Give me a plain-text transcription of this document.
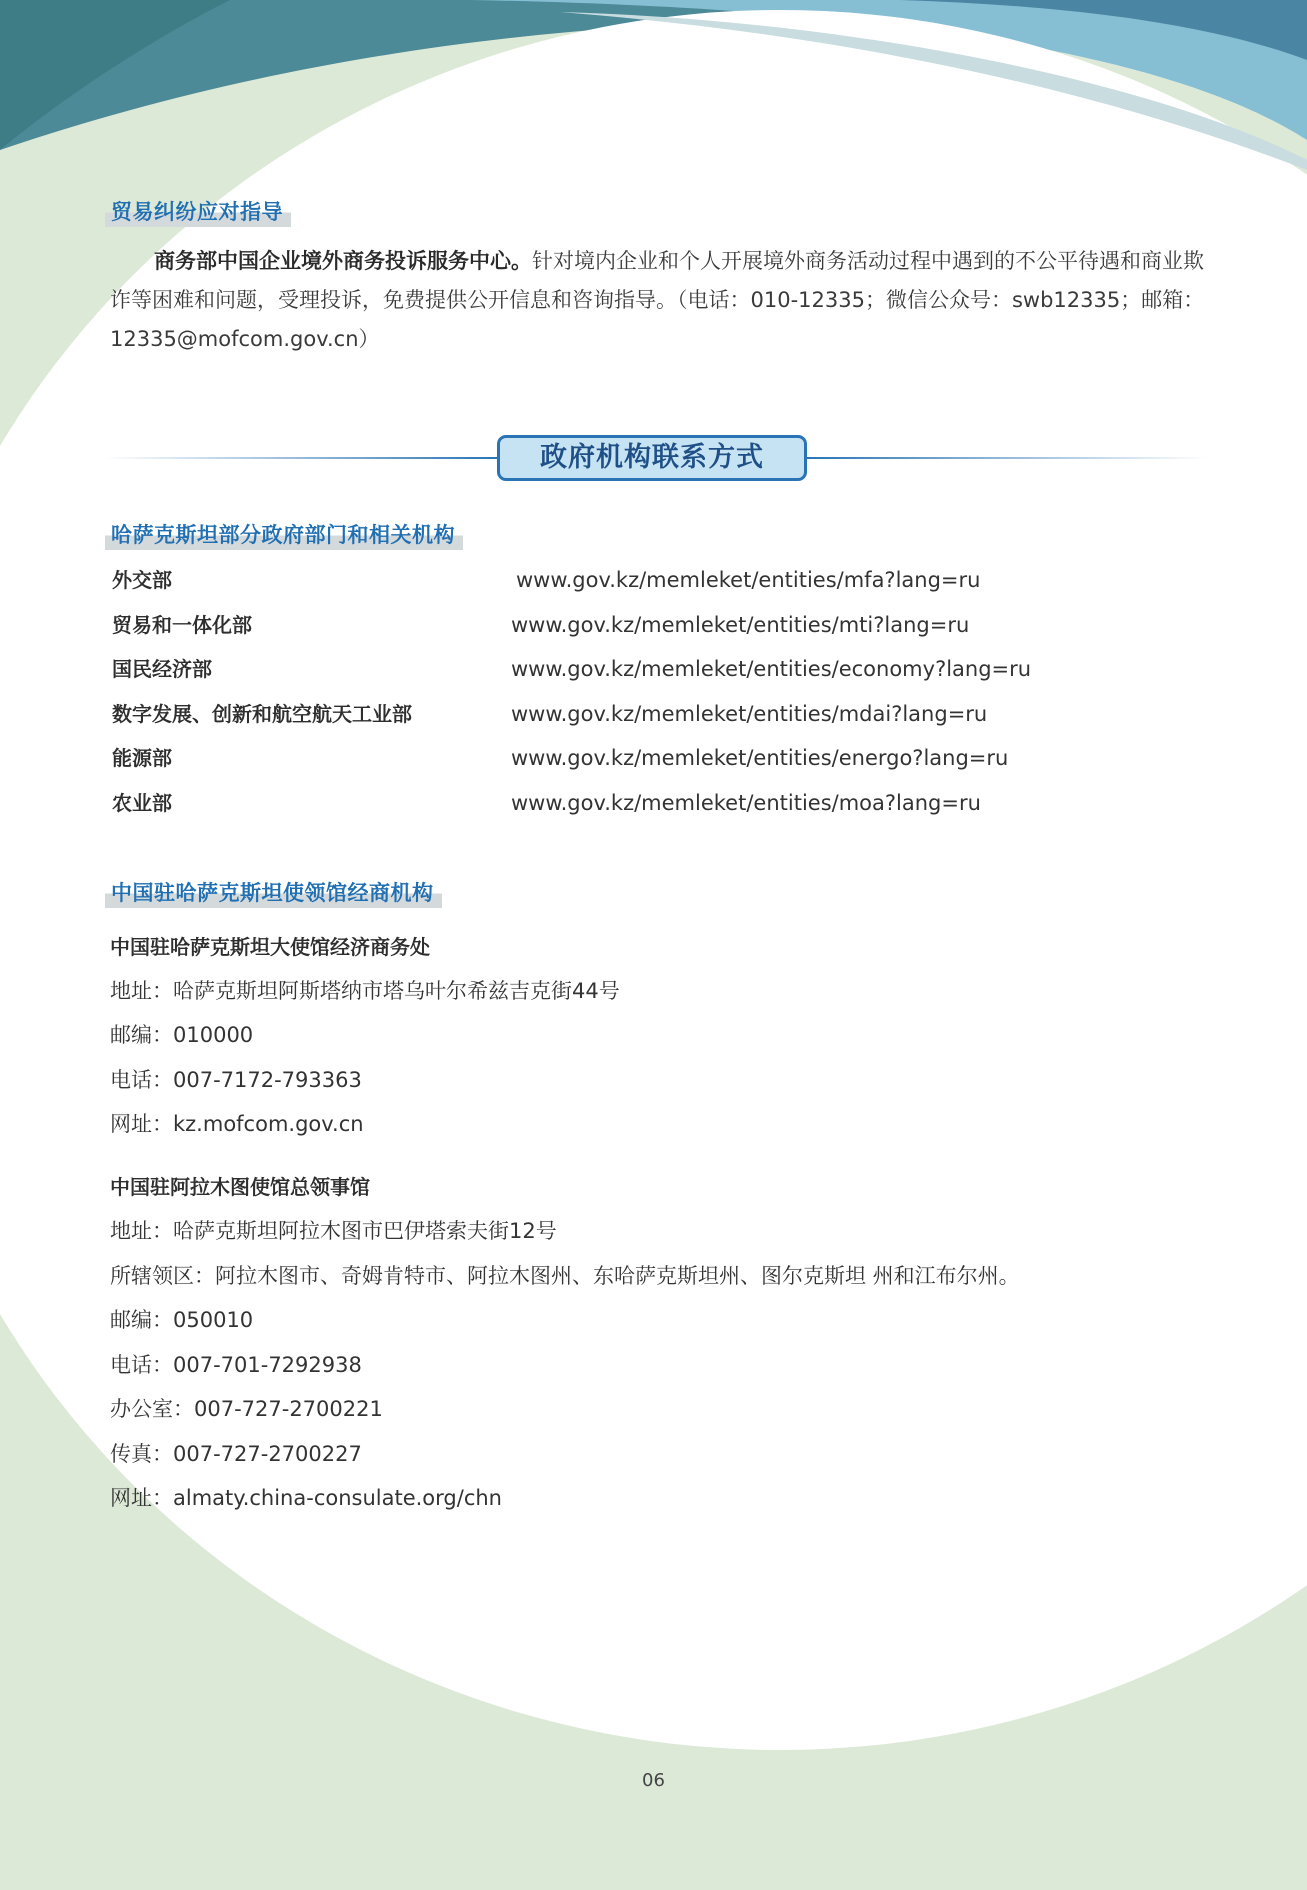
贸易纠纷应对指导
商务部中国企业境外商务投诉服务中心。针对境内企业和个人开展境外商务活动过程中遇到的不公平待遇和商业欺诈等困难和问题，受理投诉，免费提供公开信息和咨询指导。（电话：010-12335；微信公众号：swb12335；邮箱：12335@mofcom.gov.cn）
政府机构联系方式
哈萨克斯坦部分政府部门和相关机构
外交部	www.gov.kz/memleket/entities/mfa?lang=ru
贸易和一体化部	www.gov.kz/memleket/entities/mti?lang=ru
国民经济部	www.gov.kz/memleket/entities/economy?lang=ru
数字发展、创新和航空航天工业部	www.gov.kz/memleket/entities/mdai?lang=ru
能源部	www.gov.kz/memleket/entities/energo?lang=ru
农业部	www.gov.kz/memleket/entities/moa?lang=ru
中国驻哈萨克斯坦使领馆经商机构
中国驻哈萨克斯坦大使馆经济商务处
地址：哈萨克斯坦阿斯塔纳市塔乌叶尔希兹吉克街44号
邮编：010000
电话：007-7172-793363
网址：kz.mofcom.gov.cn
中国驻阿拉木图使馆总领事馆
地址：哈萨克斯坦阿拉木图市巴伊塔索夫街12号
所辖领区：阿拉木图市、奇姆肯特市、阿拉木图州、东哈萨克斯坦州、图尔克斯坦 州和江布尔州。
邮编：050010
电话：007-701-7292938
办公室：007-727-2700221
传真：007-727-2700227
网址：almaty.china-consulate.org/chn
06
